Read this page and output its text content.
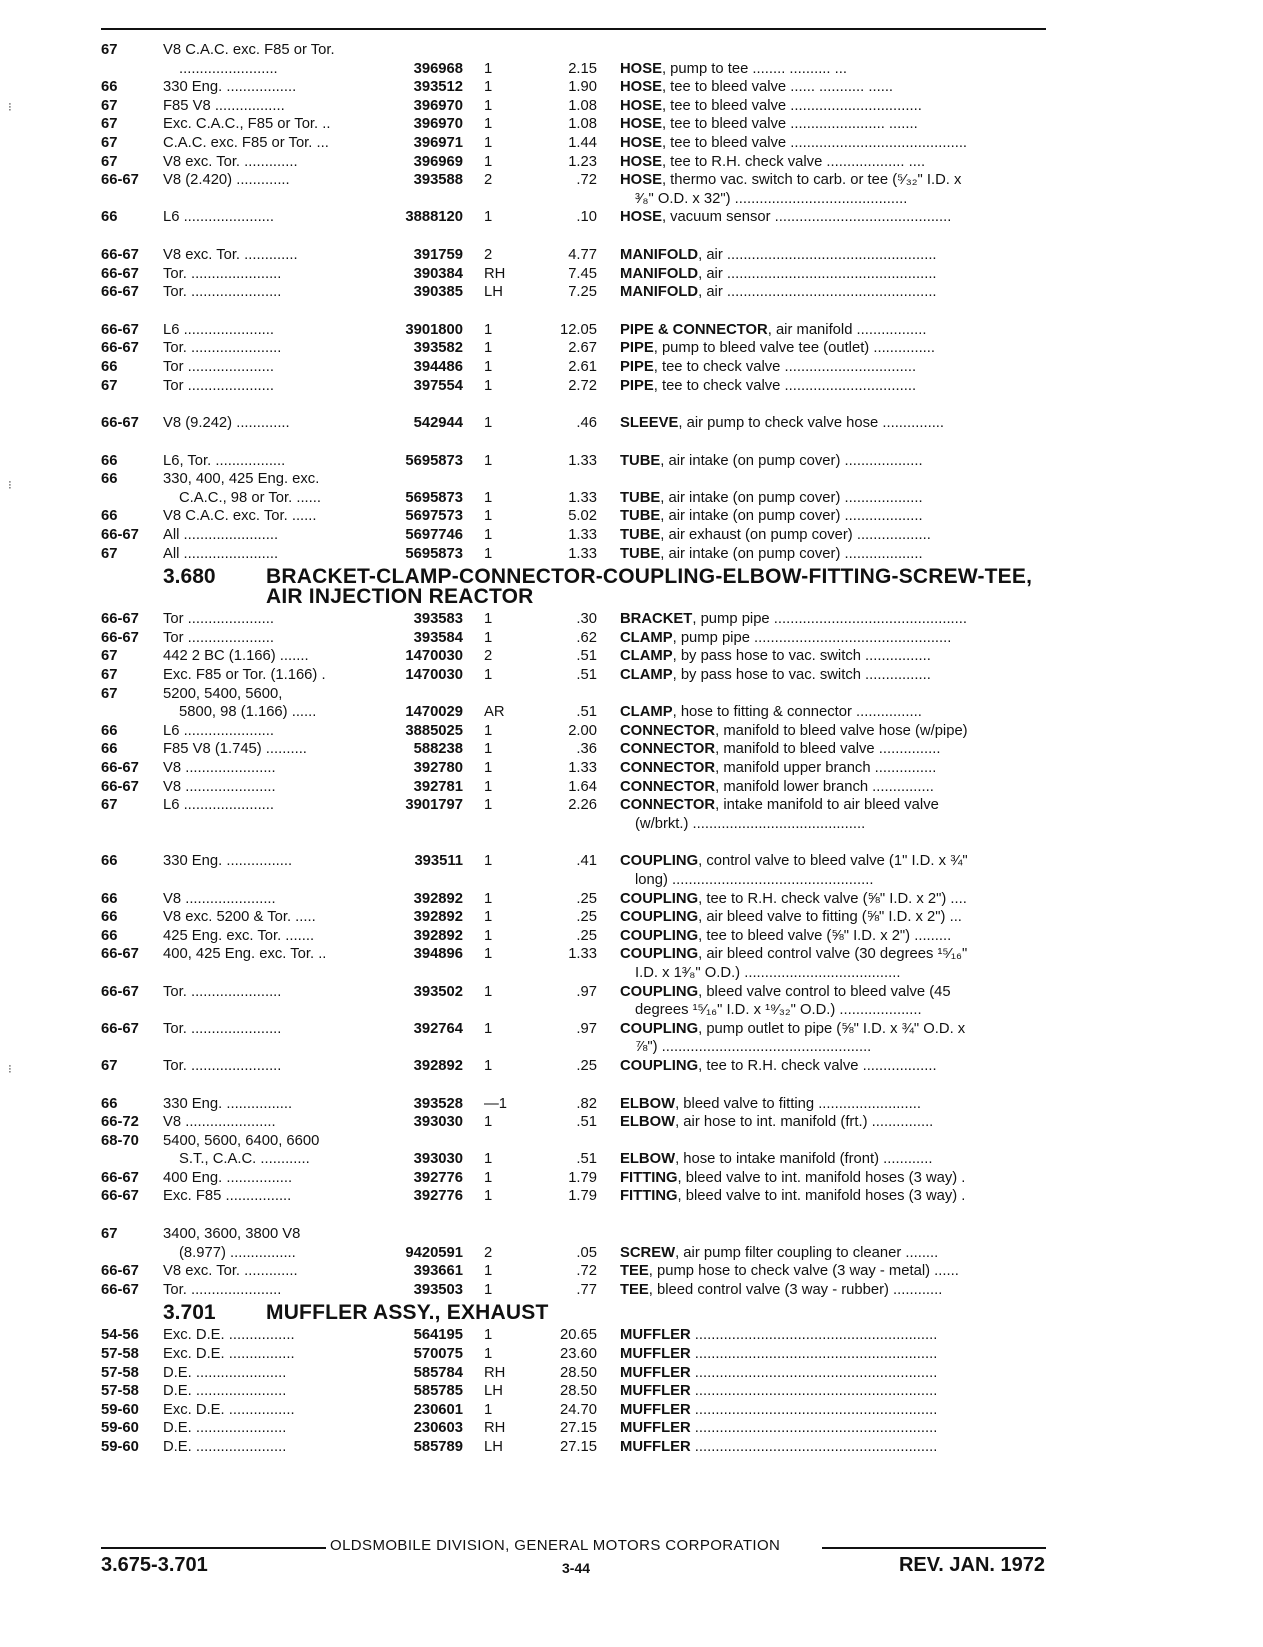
67	V8 C.A.C. exc. F85 or Tor.
........................	396968 1	2.15 HOSE, pump to tee ........ .......... ...
66	330 Eng. .................	393512 1	1.90 HOSE, tee to bleed valve ...... ........... ......
67	F85 V8 .................	396970 1	1.08 HOSE, tee to bleed valve ................................
67	Exc. C.A.C., F85 or Tor. ..	396970 1	1.08 HOSE, tee to bleed valve ....................... .......
67	C.A.C. exc. F85 or Tor. ...	396971 1	1.44 HOSE, tee to bleed valve ...........................................
67	V8 exc. Tor. .............	396969 1	1.23 HOSE, tee to R.H. check valve ................... ....
66-67 V8 (2.420) .............	393588 2	.72 HOSE, thermo vac. switch to carb. or tee (⁵⁄₃₂" I.D. x
³⁄₈" O.D. x 32") ..........................................
66	L6 ......................	3888120 1	.10 HOSE, vacuum sensor ...........................................
66-67 V8 exc. Tor. .............	391759 2	4.77 MANIFOLD, air ...................................................
66-67 Tor. ......................	390384 RH	7.45 MANIFOLD, air ...................................................
66-67 Tor. ......................	390385 LH	7.25 MANIFOLD, air ...................................................
66-67 L6 ......................	3901800 1	12.05 PIPE & CONNECTOR, air manifold .................
66-67 Tor. ......................	393582 1	2.67 PIPE, pump to bleed valve tee (outlet) ...............
66	Tor .....................	394486 1	2.61 PIPE, tee to check valve ................................
67	Tor .....................	397554 1	2.72 PIPE, tee to check valve ................................
66-67 V8 (9.242) .............	542944 1	.46 SLEEVE, air pump to check valve hose ...............
66	L6, Tor. .................	5695873 1	1.33 TUBE, air intake (on pump cover) ...................
66	330, 400, 425 Eng. exc.
C.A.C., 98 or Tor. ......	5695873 1	1.33 TUBE, air intake (on pump cover) ...................
66	V8 C.A.C. exc. Tor. ......	5697573 1	5.02 TUBE, air intake (on pump cover) ...................
66-67 All .......................	5697746 1	1.33 TUBE, air exhaust (on pump cover) ..................
67	All .......................	5695873 1	1.33 TUBE, air intake (on pump cover) ...................
3.680 BRACKET-CLAMP-CONNECTOR-COUPLING-ELBOW-FITTING-SCREW-TEE,
AIR INJECTION REACTOR
66-67 Tor .....................	393583 1	.30 BRACKET, pump pipe ...............................................
66-67 Tor .....................	393584 1	.62 CLAMP, pump pipe ................................................
67	442 2 BC (1.166) .......	1470030 2	.51 CLAMP, by pass hose to vac. switch ................
67	Exc. F85 or Tor. (1.166) .	1470030 1	.51 CLAMP, by pass hose to vac. switch ................
67	5200, 5400, 5600,
5800, 98 (1.166) ......	1470029 AR	.51 CLAMP, hose to fitting & connector ................
66	L6 ......................	3885025 1	2.00 CONNECTOR, manifold to bleed valve hose (w/pipe)
66	F85 V8 (1.745) ..........	588238 1	.36 CONNECTOR, manifold to bleed valve ...............
66-67 V8 ......................	392780 1	1.33 CONNECTOR, manifold upper branch ...............
66-67 V8 ......................	392781 1	1.64 CONNECTOR, manifold lower branch ...............
67	L6 ......................	3901797 1	2.26 CONNECTOR, intake manifold to air bleed valve
(w/brkt.) ..........................................
66	330 Eng. ................	393511 1	.41 COUPLING, control valve to bleed valve (1" I.D. x ¾"
long) .................................................
66	V8 ......................	392892 1	.25 COUPLING, tee to R.H. check valve (⅝" I.D. x 2") ....
66	V8 exc. 5200 & Tor. .....	392892 1	.25 COUPLING, air bleed valve to fitting (⅝" I.D. x 2") ...
66	425 Eng. exc. Tor. .......	392892 1	.25 COUPLING, tee to bleed valve (⅝" I.D. x 2") .........
66-67 400, 425 Eng. exc. Tor. ..	394896 1	1.33 COUPLING, air bleed control valve (30 degrees ¹⁵⁄₁₆"
I.D. x 1³⁄₈" O.D.) ......................................
66-67 Tor. ......................	393502 1	.97 COUPLING, bleed valve control to bleed valve (45
degrees ¹⁵⁄₁₆" I.D. x ¹⁹⁄₃₂" O.D.) ....................
66-67 Tor. ......................	392764 1	.97 COUPLING, pump outlet to pipe (⅝" I.D. x ¾" O.D. x
⅞") ...................................................
67	Tor. ......................	392892 1	.25 COUPLING, tee to R.H. check valve ..................
66	330 Eng. ................	393528 —1	.82 ELBOW, bleed valve to fitting .........................
66-72 V8 ......................	393030 1	.51 ELBOW, air hose to int. manifold (frt.) ...............
68-70 5400, 5600, 6400, 6600
S.T., C.A.C. ............	393030 1	.51 ELBOW, hose to intake manifold (front) ............
66-67 400 Eng. ................	392776 1	1.79 FITTING, bleed valve to int. manifold hoses (3 way) .
66-67 Exc. F85 ................	392776 1	1.79 FITTING, bleed valve to int. manifold hoses (3 way) .
67	3400, 3600, 3800 V8
(8.977) ................	9420591 2	.05 SCREW, air pump filter coupling to cleaner ........
66-67 V8 exc. Tor. .............	393661 1	.72 TEE, pump hose to check valve (3 way - metal) ......
66-67 Tor. ......................	393503 1	.77 TEE, bleed control valve (3 way - rubber) ............
3.701 MUFFLER ASSY., EXHAUST
54-56 Exc. D.E. ................	564195 1	20.65 MUFFLER ...........................................................
57-58 Exc. D.E. ................	570075 1	23.60 MUFFLER ...........................................................
57-58 D.E. ......................	585784 RH	28.50 MUFFLER ...........................................................
57-58 D.E. ......................	585785 LH	28.50 MUFFLER ...........................................................
59-60 Exc. D.E. ................	230601 1	24.70 MUFFLER ...........................................................
59-60 D.E. ......................	230603 RH	27.15 MUFFLER ...........................................................
59-60 D.E. ......................	585789 LH	27.15 MUFFLER ...........................................................
OLDSMOBILE DIVISION, GENERAL MOTORS CORPORATION
3.675-3.701	3-44	REV. JAN. 1972
⁝
⁝
⁝
